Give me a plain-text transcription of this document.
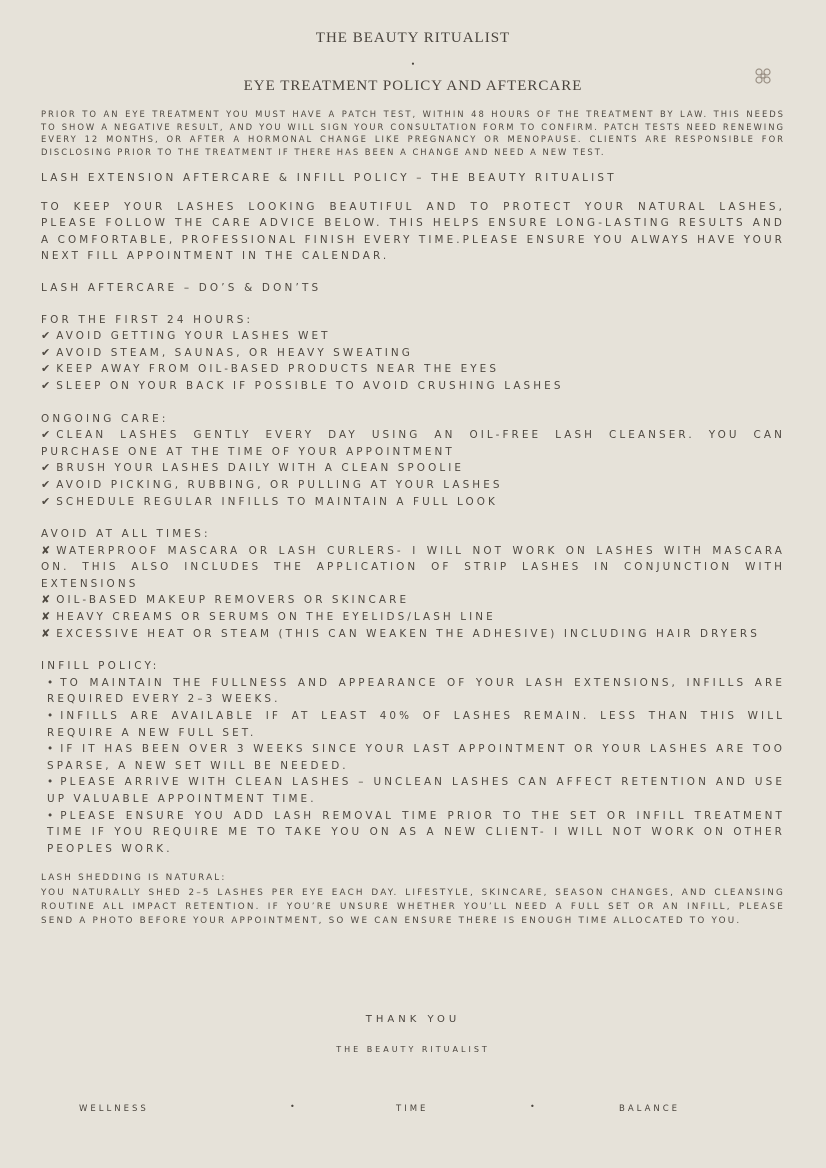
THE BEAUTY RITUALIST
•
EYE TREATMENT POLICY AND AFTERCARE

PRIOR TO AN EYE TREATMENT YOU MUST HAVE A PATCH TEST, WITHIN 48 HOURS OF THE TREATMENT BY LAW. THIS NEEDS TO SHOW A NEGATIVE RESULT, AND YOU WILL SIGN YOUR CONSULTATION FORM TO CONFIRM. PATCH TESTS NEED RENEWING EVERY 12 MONTHS, OR AFTER A HORMONAL CHANGE LIKE PREGNANCY OR MENOPAUSE. CLIENTS ARE RESPONSIBLE FOR DISCLOSING PRIOR TO THE TREATMENT IF THERE HAS BEEN A CHANGE AND NEED A NEW TEST.

LASH EXTENSION AFTERCARE & INFILL POLICY – THE BEAUTY RITUALIST

TO KEEP YOUR LASHES LOOKING BEAUTIFUL AND TO PROTECT YOUR NATURAL LASHES, PLEASE FOLLOW THE CARE ADVICE BELOW. THIS HELPS ENSURE LONG-LASTING RESULTS AND A COMFORTABLE, PROFESSIONAL FINISH EVERY TIME.PLEASE ENSURE YOU ALWAYS HAVE YOUR NEXT FILL APPOINTMENT IN THE CALENDAR.

LASH AFTERCARE – DO’S & DON’TS

FOR THE FIRST 24 HOURS:

✔ AVOID GETTING YOUR LASHES WET
✔ AVOID STEAM, SAUNAS, OR HEAVY SWEATING
✔ KEEP AWAY FROM OIL-BASED PRODUCTS NEAR THE EYES
✔ SLEEP ON YOUR BACK IF POSSIBLE TO AVOID CRUSHING LASHES

ONGOING CARE:

✔ CLEAN LASHES GENTLY EVERY DAY USING AN OIL-FREE LASH CLEANSER. YOU CAN PURCHASE ONE AT THE TIME OF YOUR APPOINTMENT
✔ BRUSH YOUR LASHES DAILY WITH A CLEAN SPOOLIE
✔ AVOID PICKING, RUBBING, OR PULLING AT YOUR LASHES
✔ SCHEDULE REGULAR INFILLS TO MAINTAIN A FULL LOOK

AVOID AT ALL TIMES:

✘ WATERPROOF MASCARA OR LASH CURLERS- I WILL NOT WORK ON LASHES WITH MASCARA ON. THIS ALSO INCLUDES THE APPLICATION OF STRIP LASHES IN CONJUNCTION WITH EXTENSIONS
✘ OIL-BASED MAKEUP REMOVERS OR SKINCARE
✘ HEAVY CREAMS OR SERUMS ON THE EYELIDS/LASH LINE
✘ EXCESSIVE HEAT OR STEAM (THIS CAN WEAKEN THE ADHESIVE) INCLUDING HAIR DRYERS

INFILL POLICY:

• TO MAINTAIN THE FULLNESS AND APPEARANCE OF YOUR LASH EXTENSIONS, INFILLS ARE REQUIRED EVERY 2–3 WEEKS.
• INFILLS ARE AVAILABLE IF AT LEAST 40% OF LASHES REMAIN. LESS THAN THIS WILL REQUIRE A NEW FULL SET.
• IF IT HAS BEEN OVER 3 WEEKS SINCE YOUR LAST APPOINTMENT OR YOUR LASHES ARE TOO SPARSE, A NEW SET WILL BE NEEDED.
• PLEASE ARRIVE WITH CLEAN LASHES – UNCLEAN LASHES CAN AFFECT RETENTION AND USE UP VALUABLE APPOINTMENT TIME.
• PLEASE ENSURE YOU ADD LASH REMOVAL TIME PRIOR TO THE SET OR INFILL TREATMENT TIME IF YOU REQUIRE ME TO TAKE YOU ON AS A NEW CLIENT- I WILL NOT WORK ON OTHER PEOPLES WORK.

LASH SHEDDING IS NATURAL:

YOU NATURALLY SHED 2–5 LASHES PER EYE EACH DAY. LIFESTYLE, SKINCARE, SEASON CHANGES, AND CLEANSING ROUTINE ALL IMPACT RETENTION. IF YOU’RE UNSURE WHETHER YOU’LL NEED A FULL SET OR AN INFILL, PLEASE SEND A PHOTO BEFORE YOUR APPOINTMENT, SO WE CAN ENSURE THERE IS ENOUGH TIME ALLOCATED TO YOU.

THANK YOU
THE BEAUTY RITUALIST
WELLNESS	•	TIME	•	BALANCE
